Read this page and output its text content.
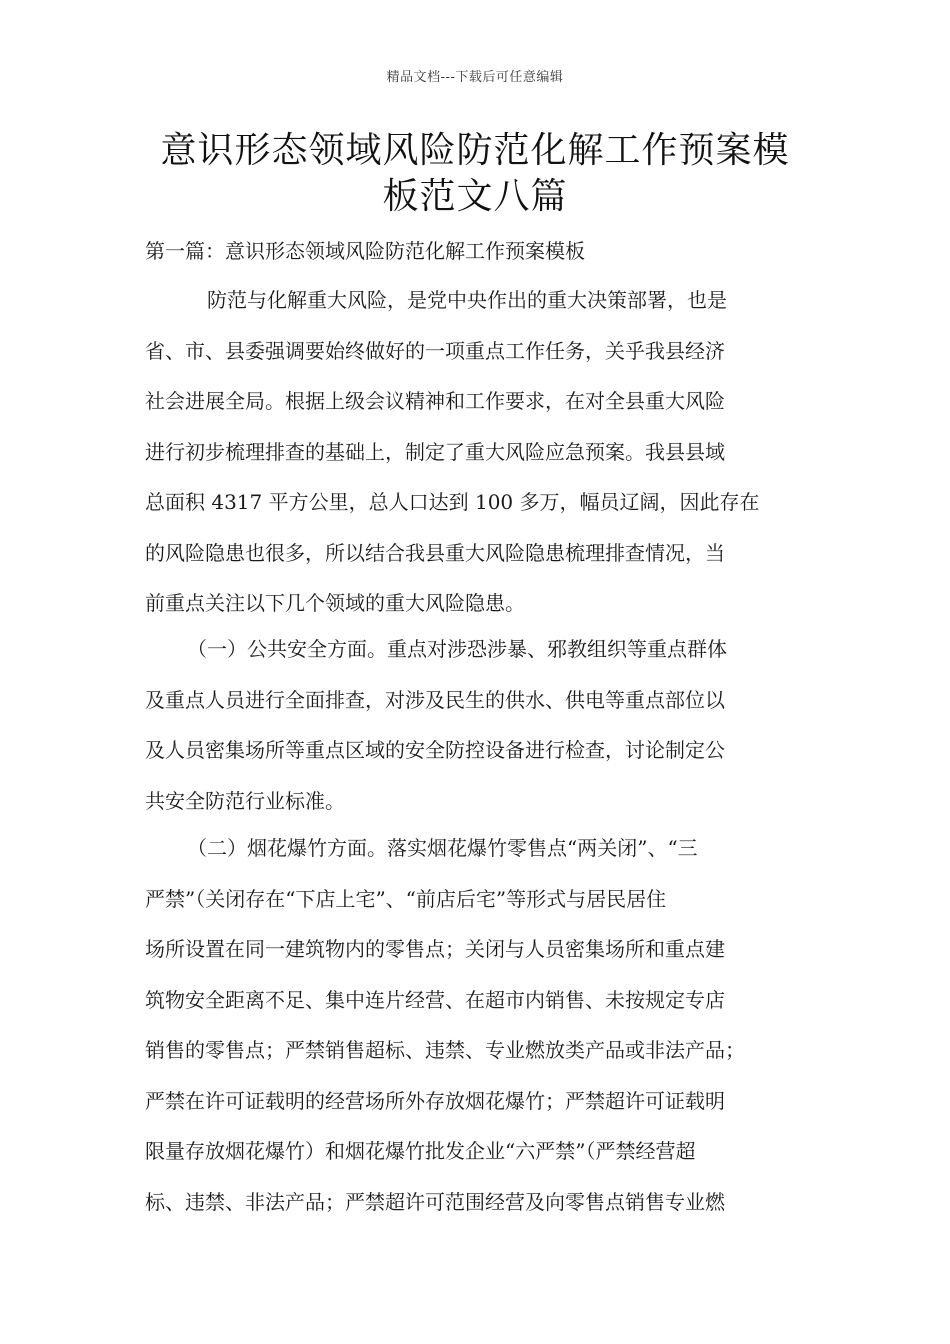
精品文档---下载后可任意编辑
意识形态领域风险防范化解工作预案模
板范文八篇
第一篇：意识形态领域风险防范化解工作预案模板
防范与化解重大风险，是党中央作出的重大决策部署，也是
省、市、县委强调要始终做好的一项重点工作任务，关乎我县经济
社会进展全局。根据上级会议精神和工作要求，在对全县重大风险
进行初步梳理排查的基础上，制定了重大风险应急预案。我县县域
总面积 4317 平方公里，总人口达到 100 多万，幅员辽阔，因此存在
的风险隐患也很多，所以结合我县重大风险隐患梳理排查情况，当
前重点关注以下几个领域的重大风险隐患。
（一）公共安全方面。重点对涉恐涉暴、邪教组织等重点群体
及重点人员进行全面排查，对涉及民生的供水、供电等重点部位以
及人员密集场所等重点区域的安全防控设备进行检查，讨论制定公
共安全防范行业标准。
（二）烟花爆竹方面。落实烟花爆竹零售点“两关闭”、“三
严禁”（关闭存在“下店上宅”、“前店后宅”等形式与居民居住
场所设置在同一建筑物内的零售点；关闭与人员密集场所和重点建
筑物安全距离不足、集中连片经营、在超市内销售、未按规定专店
销售的零售点；严禁销售超标、违禁、专业燃放类产品或非法产品；
严禁在许可证载明的经营场所外存放烟花爆竹；严禁超许可证载明
限量存放烟花爆竹）和烟花爆竹批发企业“六严禁”（严禁经营超
标、违禁、非法产品；严禁超许可范围经营及向零售点销售专业燃
